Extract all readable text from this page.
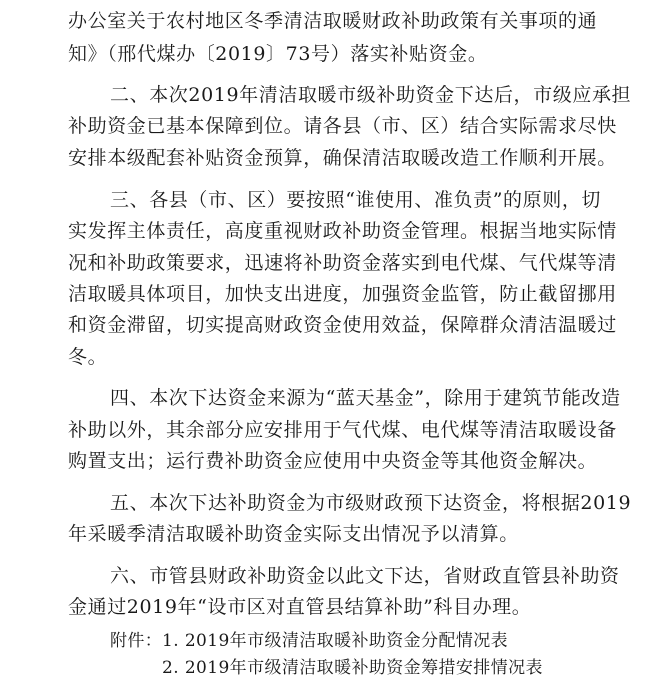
办公室关于农村地区冬季清洁取暖财政补助政策有关事项的通
知》（邢代煤办〔2019〕73号）落实补贴资金。
二、本次2019年清洁取暖市级补助资金下达后，市级应承担
补助资金已基本保障到位。请各县（市、区）结合实际需求尽快
安排本级配套补贴资金预算，确保清洁取暖改造工作顺利开展。
三、各县（市、区）要按照“谁使用、准负责”的原则，切
实发挥主体责任，高度重视财政补助资金管理。根据当地实际情
况和补助政策要求，迅速将补助资金落实到电代煤、气代煤等清
洁取暖具体项目，加快支出进度，加强资金监管，防止截留挪用
和资金滞留，切实提高财政资金使用效益，保障群众清洁温暖过
冬。
四、本次下达资金来源为“蓝天基金”，除用于建筑节能改造
补助以外，其余部分应安排用于气代煤、电代煤等清洁取暖设备
购置支出；运行费补助资金应使用中央资金等其他资金解决。
五、本次下达补助资金为市级财政预下达资金，将根据2019
年采暖季清洁取暖补助资金实际支出情况予以清算。
六、市管县财政补助资金以此文下达，省财政直管县补助资
金通过2019年“设市区对直管县结算补助”科目办理。
附件： 1. 2019年市级清洁取暖补助资金分配情况表
2. 2019年市级清洁取暖补助资金筹措安排情况表
